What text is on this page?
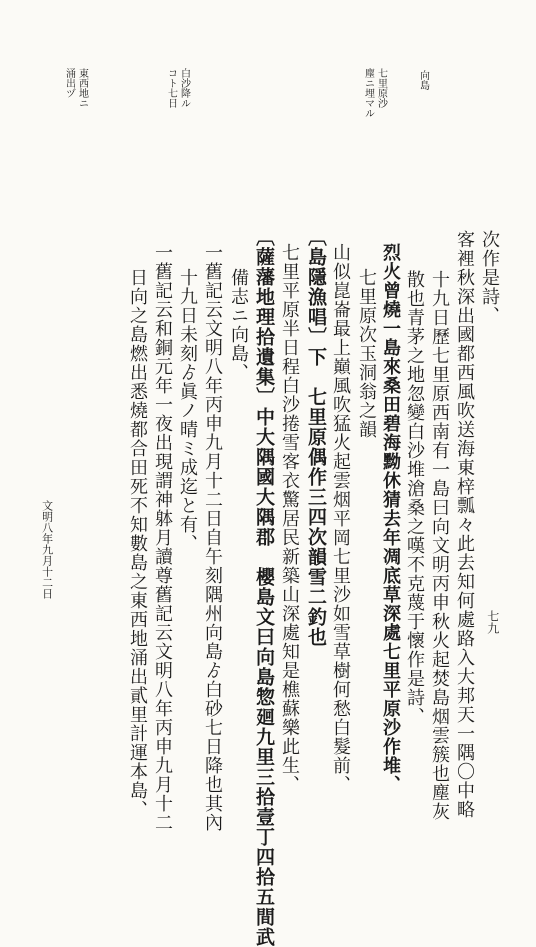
向島
七里原沙
塵ニ埋マル
白沙降ル
コト七日
東西地ニ
涌出ヅ
次作是詩、
客裡秋深出國都西風吹送海東梓瓢々此去知何處路入大邦天一隅〇中略
十九日歷七里原西南有一島曰向文明丙申秋火起焚島烟雲簇也塵灰
散也青茅之地忽變白沙堆滄桑之嘆不克蔑于懷作是詩、
烈火曾燒一島來桑田碧海黝休猜去年凋底草深處七里平原沙作堆、
七里原次玉洞翁之韻
山似崑崙最上巔風吹猛火起雲烟平岡七里沙如雪草樹何愁白髮前、
〔島隱漁唱〕下　七里原偶作三四次韻雪二釣也
七里平原半日程白沙捲雪客衣驚居民新築山深處知是樵蘇樂此生、
〔薩藩地理拾遺集〕中大隅國大隅郡　櫻島文曰向島惣廻九里三拾壹丁四拾五間武
備志ニ向島、
一舊記云文明八年丙申九月十二日自午刻隅州向島ゟ白砂七日降也其內
十九日未刻ゟ眞ノ晴ミ成迄と有、
一舊記云和銅元年一夜出現謂神躰月讀尊舊記云文明八年丙申九月十二
日向之島燃出悉燒都合田死不知數島之東西地涌出貳里計運本島、
文明八年九月十二日
七九
